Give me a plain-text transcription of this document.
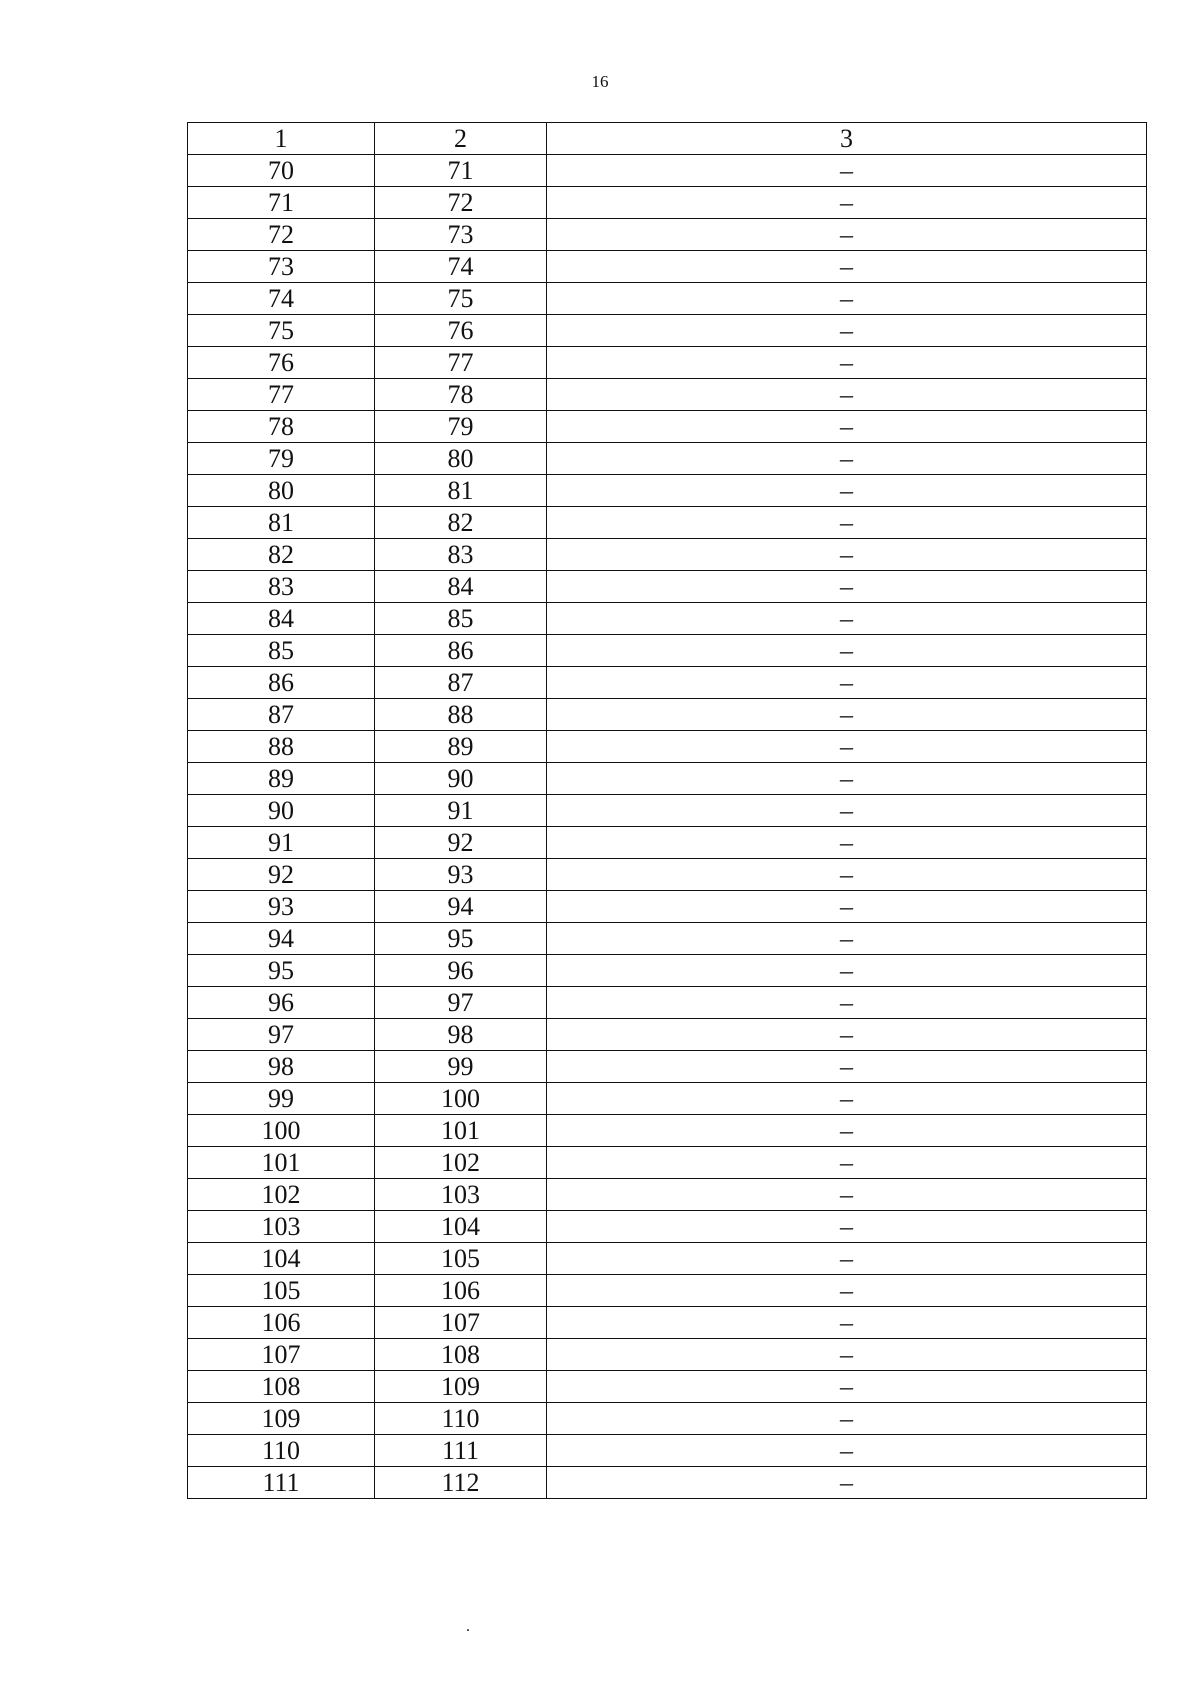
16
1	2	3
70	71	–
71	72	–
72	73	–
73	74	–
74	75	–
75	76	–
76	77	–
77	78	–
78	79	–
79	80	–
80	81	–
81	82	–
82	83	–
83	84	–
84	85	–
85	86	–
86	87	–
87	88	–
88	89	–
89	90	–
90	91	–
91	92	–
92	93	–
93	94	–
94	95	–
95	96	–
96	97	–
97	98	–
98	99	–
99	100	–
100	101	–
101	102	–
102	103	–
103	104	–
104	105	–
105	106	–
106	107	–
107	108	–
108	109	–
109	110	–
110	111	–
111	112	–
.
